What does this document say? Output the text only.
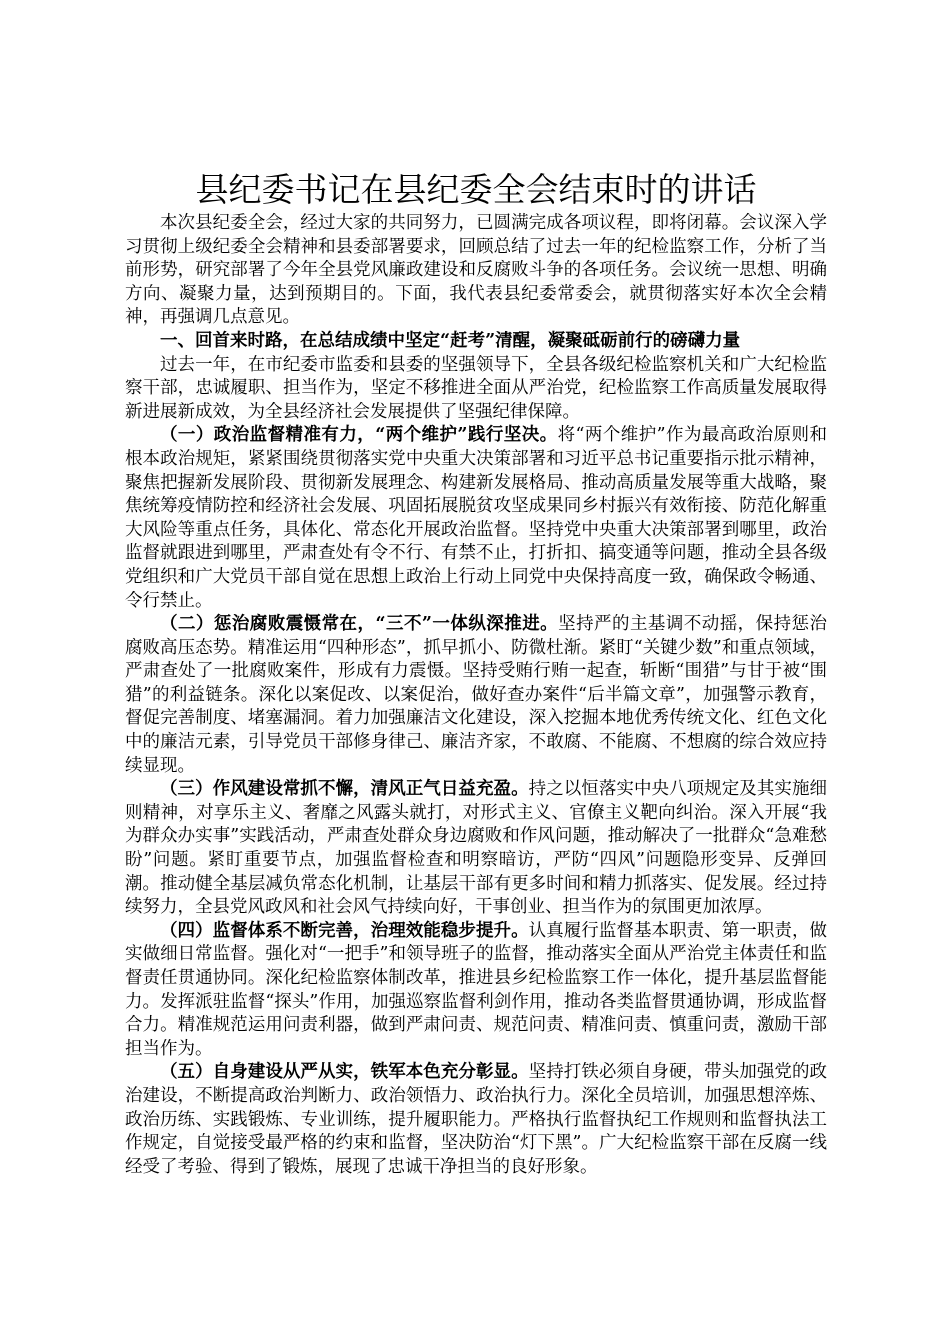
县纪委书记在县纪委全会结束时的讲话

本次县纪委全会，经过大家的共同努力，已圆满完成各项议程，即将闭幕。会议深入学习贯彻上级纪委全会精神和县委部署要求，回顾总结了过去一年的纪检监察工作，分析了当前形势，研究部署了今年全县党风廉政建设和反腐败斗争的各项任务。会议统一思想、明确方向、凝聚力量，达到预期目的。下面，我代表县纪委常委会，就贯彻落实好本次全会精神，再强调几点意见。

一、回首来时路，在总结成绩中坚定“赶考”清醒，凝聚砥砺前行的磅礴力量

过去一年，在市纪委市监委和县委的坚强领导下，全县各级纪检监察机关和广大纪检监察干部，忠诚履职、担当作为，坚定不移推进全面从严治党，纪检监察工作高质量发展取得新进展新成效，为全县经济社会发展提供了坚强纪律保障。

（一）政治监督精准有力，“两个维护”践行坚决。将“两个维护”作为最高政治原则和根本政治规矩，紧紧围绕贯彻落实党中央重大决策部署和习近平总书记重要指示批示精神，聚焦把握新发展阶段、贯彻新发展理念、构建新发展格局、推动高质量发展等重大战略，聚焦统筹疫情防控和经济社会发展、巩固拓展脱贫攻坚成果同乡村振兴有效衔接、防范化解重大风险等重点任务，具体化、常态化开展政治监督。坚持党中央重大决策部署到哪里，政治监督就跟进到哪里，严肃查处有令不行、有禁不止，打折扣、搞变通等问题，推动全县各级党组织和广大党员干部自觉在思想上政治上行动上同党中央保持高度一致，确保政令畅通、令行禁止。

（二）惩治腐败震慑常在，“三不”一体纵深推进。坚持严的主基调不动摇，保持惩治腐败高压态势。精准运用“四种形态”，抓早抓小、防微杜渐。紧盯“关键少数”和重点领域，严肃查处了一批腐败案件，形成有力震慑。坚持受贿行贿一起查，斩断“围猎”与甘于被“围猎”的利益链条。深化以案促改、以案促治，做好查办案件“后半篇文章”，加强警示教育，督促完善制度、堵塞漏洞。着力加强廉洁文化建设，深入挖掘本地优秀传统文化、红色文化中的廉洁元素，引导党员干部修身律己、廉洁齐家，不敢腐、不能腐、不想腐的综合效应持续显现。

（三）作风建设常抓不懈，清风正气日益充盈。持之以恒落实中央八项规定及其实施细则精神，对享乐主义、奢靡之风露头就打，对形式主义、官僚主义靶向纠治。深入开展“我为群众办实事”实践活动，严肃查处群众身边腐败和作风问题，推动解决了一批群众“急难愁盼”问题。紧盯重要节点，加强监督检查和明察暗访，严防“四风”问题隐形变异、反弹回潮。推动健全基层减负常态化机制，让基层干部有更多时间和精力抓落实、促发展。经过持续努力，全县党风政风和社会风气持续向好，干事创业、担当作为的氛围更加浓厚。

（四）监督体系不断完善，治理效能稳步提升。认真履行监督基本职责、第一职责，做实做细日常监督。强化对“一把手”和领导班子的监督，推动落实全面从严治党主体责任和监督责任贯通协同。深化纪检监察体制改革，推进县乡纪检监察工作一体化，提升基层监督能力。发挥派驻监督“探头”作用，加强巡察监督利剑作用，推动各类监督贯通协调，形成监督合力。精准规范运用问责利器，做到严肃问责、规范问责、精准问责、慎重问责，激励干部担当作为。

（五）自身建设从严从实，铁军本色充分彰显。坚持打铁必须自身硬，带头加强党的政治建设，不断提高政治判断力、政治领悟力、政治执行力。深化全员培训，加强思想淬炼、政治历练、实践锻炼、专业训练，提升履职能力。严格执行监督执纪工作规则和监督执法工作规定，自觉接受最严格的约束和监督，坚决防治“灯下黑”。广大纪检监察干部在反腐一线经受了考验、得到了锻炼，展现了忠诚干净担当的良好形象。
